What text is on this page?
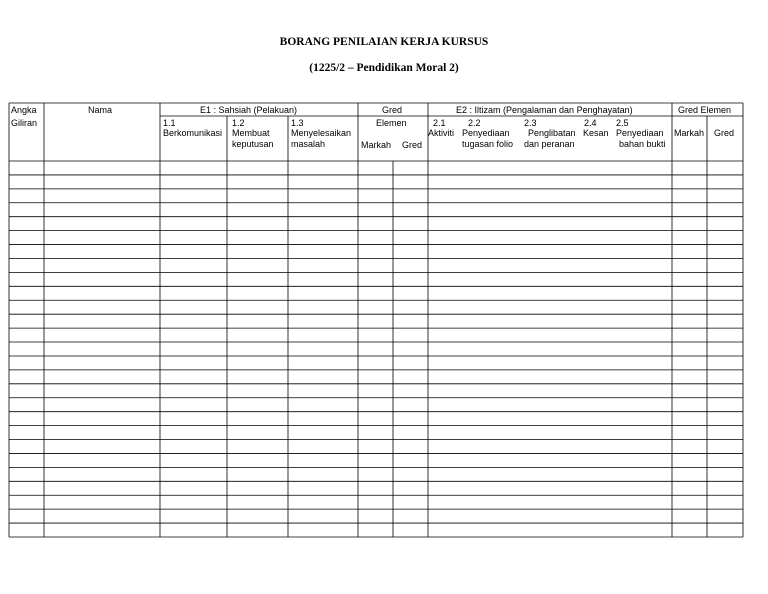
BORANG PENILAIAN KERJA KURSUS
(1225/2 – Pendidikan Moral 2)
Angka
Giliran
Nama	E1 : Sahsiah (Pelakuan)
1.1
Berkomunikasi
1.2
Membuat
keputusan
1.3
Menyelesaikan
masalah
Gred
Elemen
Markah Gred
E2 : Iltizam (Pengalaman dan Penghayatan)
2.1
Aktiviti
2.2
Penyediaan
tugasan folio
2.3
Penglibatan
dan peranan
2.4
Kesan
2.5
Penyediaan
bahan bukti
Gred Elemen
Markah Gred
